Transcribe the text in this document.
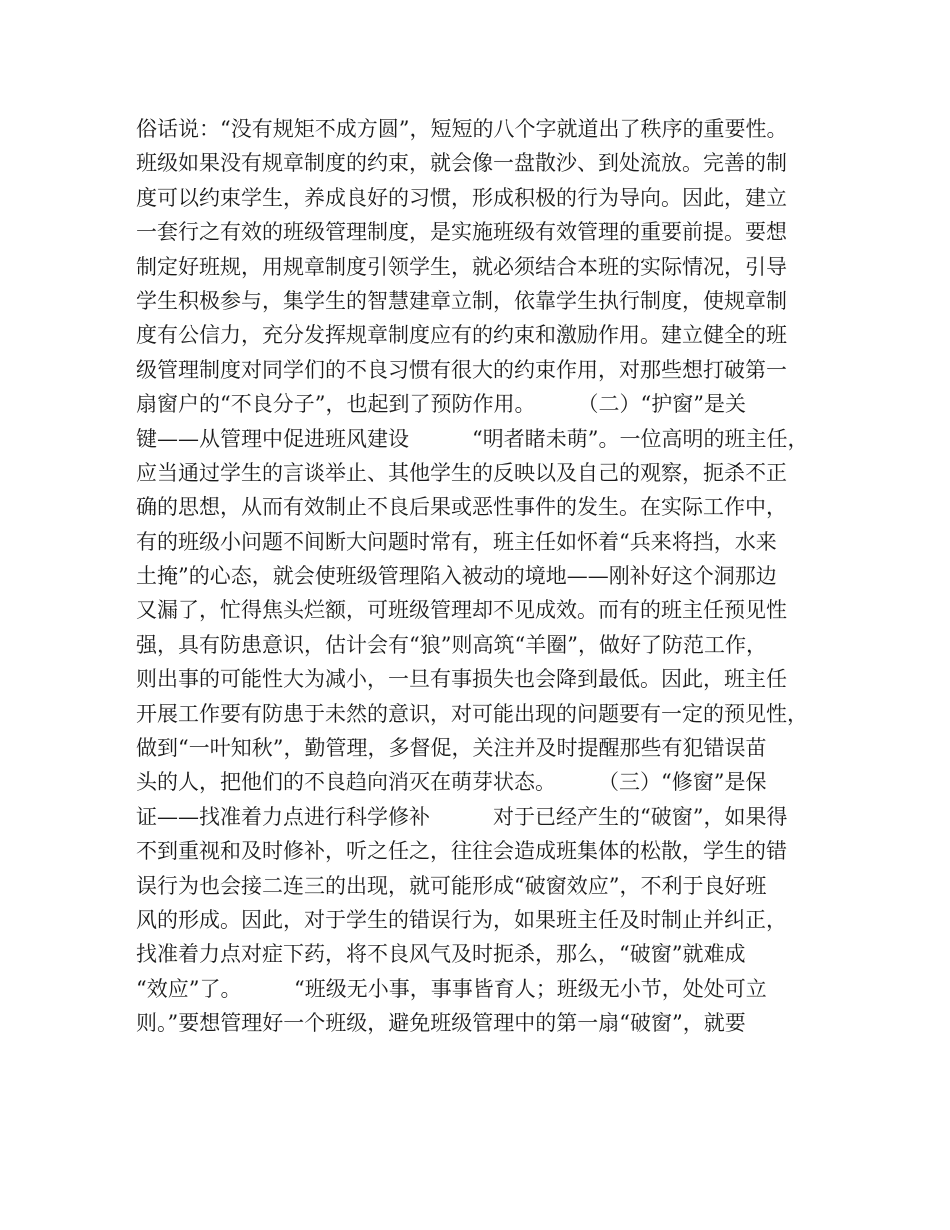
俗话说：“没有规矩不成方圆”，短短的八个字就道出了秩序的重要性。
班级如果没有规章制度的约束，就会像一盘散沙、到处流放。完善的制
度可以约束学生，养成良好的习惯，形成积极的行为导向。因此，建立
一套行之有效的班级管理制度，是实施班级有效管理的重要前提。要想
制定好班规，用规章制度引领学生，就必须结合本班的实际情况，引导
学生积极参与，集学生的智慧建章立制，依靠学生执行制度，使规章制
度有公信力，充分发挥规章制度应有的约束和激励作用。建立健全的班
级管理制度对同学们的不良习惯有很大的约束作用，对那些想打破第一
扇窗户的“不良分子”，也起到了预防作用。　　　（二）“护窗”是关
键——从管理中促进班风建设　　　“明者睹未萌”。一位高明的班主任，
应当通过学生的言谈举止、其他学生的反映以及自己的观察，扼杀不正
确的思想，从而有效制止不良后果或恶性事件的发生。在实际工作中，
有的班级小问题不间断大问题时常有，班主任如怀着“兵来将挡，水来
土掩”的心态，就会使班级管理陷入被动的境地——刚补好这个洞那边
又漏了，忙得焦头烂额，可班级管理却不见成效。而有的班主任预见性
强，具有防患意识，估计会有“狼”则高筑“羊圈”，做好了防范工作，
则出事的可能性大为减小，一旦有事损失也会降到最低。因此，班主任
开展工作要有防患于未然的意识，对可能出现的问题要有一定的预见性，
做到“一叶知秋”，勤管理，多督促，关注并及时提醒那些有犯错误苗
头的人，把他们的不良趋向消灭在萌芽状态。　　　（三）“修窗”是保
证——找准着力点进行科学修补　　　对于已经产生的“破窗”，如果得
不到重视和及时修补，听之任之，往往会造成班集体的松散，学生的错
误行为也会接二连三的出现，就可能形成“破窗效应”，不利于良好班
风的形成。因此，对于学生的错误行为，如果班主任及时制止并纠正，
找准着力点对症下药，将不良风气及时扼杀，那么，“破窗”就难成
“效应”了。　　　“班级无小事，事事皆育人；班级无小节，处处可立
则。”要想管理好一个班级，避免班级管理中的第一扇“破窗”，就要
